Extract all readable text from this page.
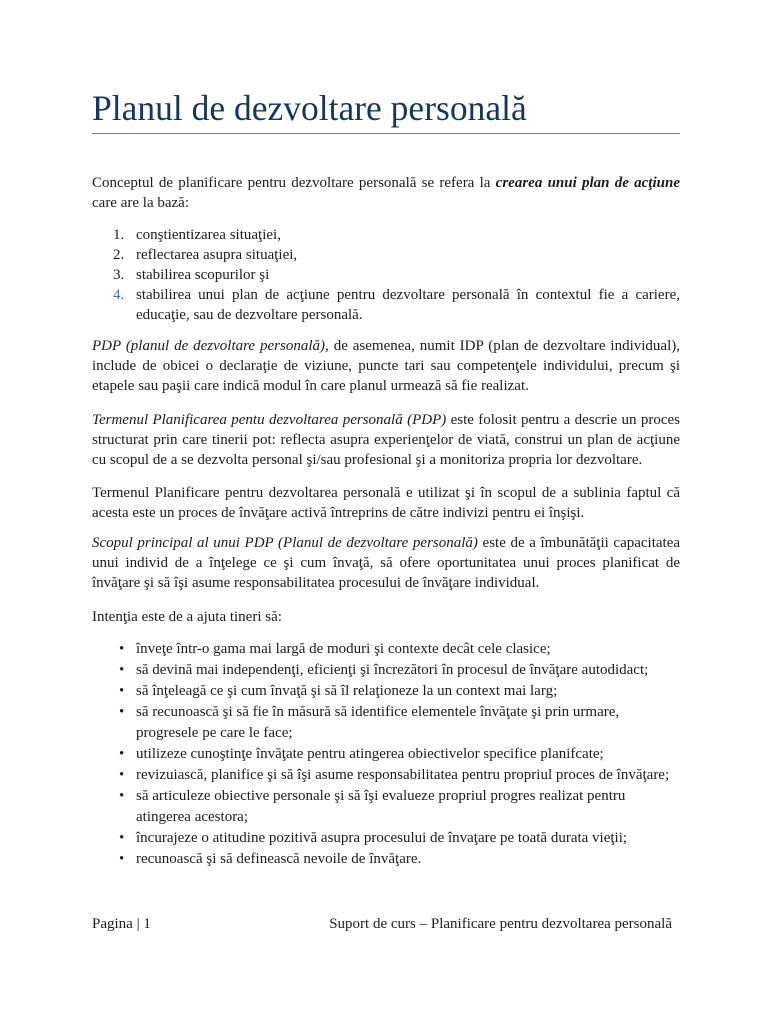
Planul de dezvoltare personală

Conceptul de planificare pentru dezvoltare personală se refera la crearea unui plan de acţiune care are la bază:

1. conştientizarea situaţiei,
2. reflectarea asupra situaţiei,
3. stabilirea scopurilor şi
4. stabilirea unui plan de acţiune pentru dezvoltare personală în contextul fie a cariere, educaţie, sau de dezvoltare personală.

PDP (planul de dezvoltare personală), de asemenea, numit IDP (plan de dezvoltare individual), include de obicei o declaraţie de viziune, puncte tari sau competenţele individului, precum şi etapele sau paşii care indică modul în care planul urmează să fie realizat.

Termenul Planificarea pentu dezvoltarea personală (PDP) este folosit pentru a descrie un proces structurat prin care tinerii pot: reflecta asupra experienţelor de viată, construi un plan de acţiune cu scopul de a se dezvolta personal şi/sau profesional şi a monitoriza propria lor dezvoltare.

Termenul Planificare pentru dezvoltarea personală e utilizat şi în scopul de a sublinia faptul că acesta este un proces de învăţare activă întreprins de către indivizi pentru ei înşişi.

Scopul principal al unui PDP (Planul de dezvoltare personală) este de a îmbunătăţii capacitatea unui individ de a înţelege ce şi cum învaţă, să ofere oportunitatea unui proces planificat de învăţare şi să îşi asume responsabilitatea procesului de învăţare individual.

Intenţia este de a ajuta tineri să:

• înveţe într-o gama mai largă de moduri şi contexte decât cele clasice;
• să devină mai independenţi, eficienţi şi încrezători în procesul de învăţare autodidact;
• să înţeleagă ce şi cum învaţă şi să îl relaţioneze la un context mai larg;
• să recunoască şi să fie în măsură să identifice elementele învăţate şi prin urmare, progresele pe care le face;
• utilizeze cunoştinţe învăţate pentru atingerea obiectivelor specifice planifcate;
• revizuiască, planifice şi să îşi asume responsabilitatea pentru propriul proces de învăţare;
• să articuleze obiective personale şi să îşi evalueze propriul progres realizat pentru atingerea acestora;
• încurajeze o atitudine pozitivă asupra procesului de învaţare pe toată durata vieţii;
• recunoască şi să definească nevoile de învăţare.
Pagina | 1	Suport de curs – Planificare pentru dezvoltarea personală
